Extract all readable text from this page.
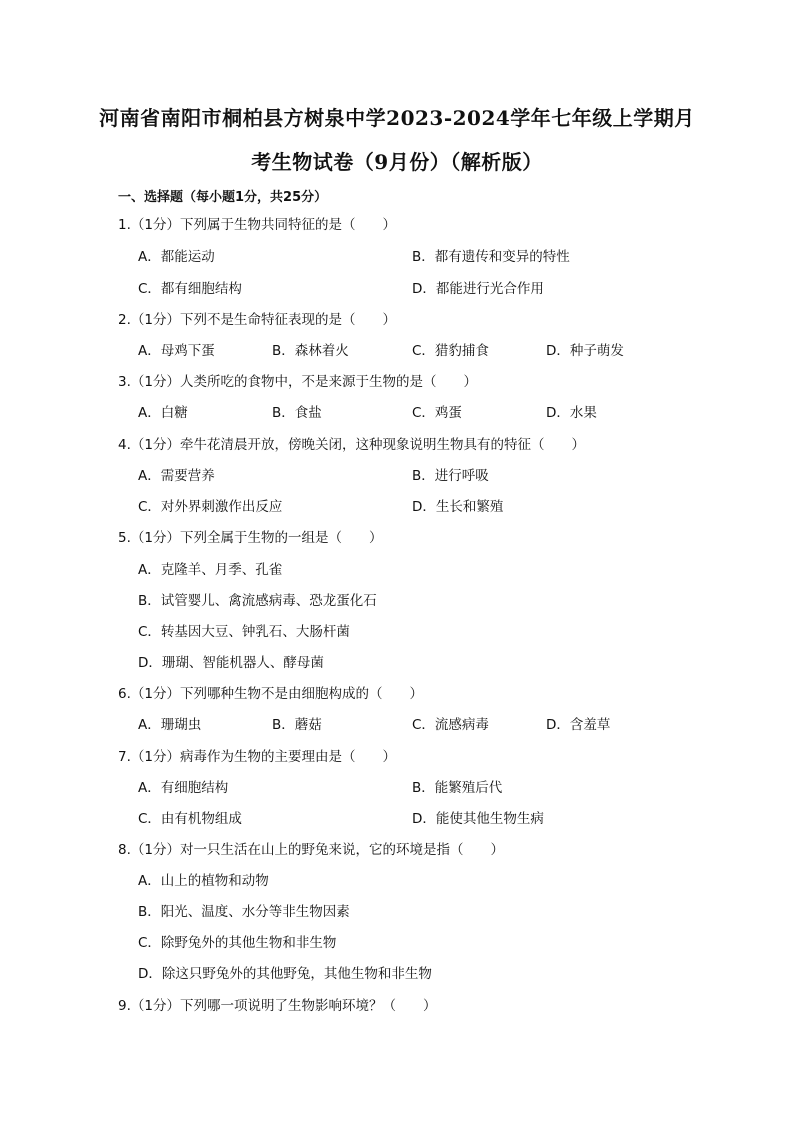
河南省南阳市桐柏县方树泉中学2023-2024学年七年级上学期月
考生物试卷（9月份）（解析版）
一、选择题（每小题1分，共25分）
1.（1分）下列属于生物共同特征的是（　　）
A．都能运动	B．都有遗传和变异的特性
C．都有细胞结构	D．都能进行光合作用
2.（1分）下列不是生命特征表现的是（　　）
A．母鸡下蛋	B．森林着火	C．猎豹捕食	D．种子萌发
3.（1分）人类所吃的食物中，不是来源于生物的是（　　）
A．白糖	B．食盐	C．鸡蛋	D．水果
4.（1分）牵牛花清晨开放，傍晚关闭，这种现象说明生物具有的特征（　　）
A．需要营养	B．进行呼吸
C．对外界刺激作出反应	D．生长和繁殖
5.（1分）下列全属于生物的一组是（　　）
A．克隆羊、月季、孔雀
B．试管婴儿、禽流感病毒、恐龙蛋化石
C．转基因大豆、钟乳石、大肠杆菌
D．珊瑚、智能机器人、酵母菌
6.（1分）下列哪种生物不是由细胞构成的（　　）
A．珊瑚虫	B．蘑菇	C．流感病毒	D．含羞草
7.（1分）病毒作为生物的主要理由是（　　）
A．有细胞结构	B．能繁殖后代
C．由有机物组成	D．能使其他生物生病
8.（1分）对一只生活在山上的野兔来说，它的环境是指（　　）
A．山上的植物和动物
B．阳光、温度、水分等非生物因素
C．除野兔外的其他生物和非生物
D．除这只野兔外的其他野兔，其他生物和非生物
9.（1分）下列哪一项说明了生物影响环境？（　　）
